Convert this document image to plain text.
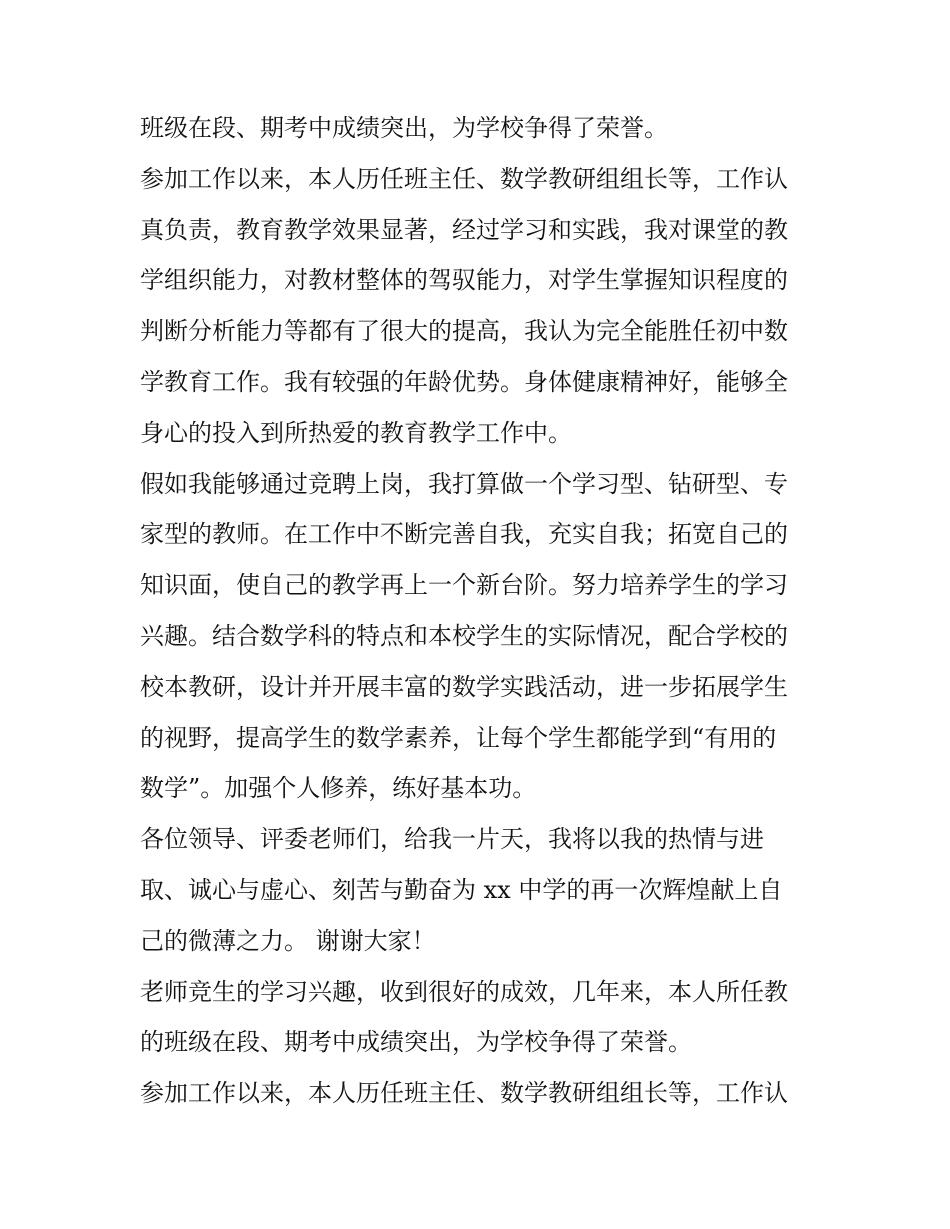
班级在段、期考中成绩突出，为学校争得了荣誉。
参加工作以来，本人历任班主任、数学教研组组长等，工作认
真负责，教育教学效果显著，经过学习和实践，我对课堂的教
学组织能力，对教材整体的驾驭能力，对学生掌握知识程度的
判断分析能力等都有了很大的提高，我认为完全能胜任初中数
学教育工作。我有较强的年龄优势。身体健康精神好，能够全
身心的投入到所热爱的教育教学工作中。
假如我能够通过竞聘上岗，我打算做一个学习型、钻研型、专
家型的教师。在工作中不断完善自我，充实自我；拓宽自己的
知识面，使自己的教学再上一个新台阶。努力培养学生的学习
兴趣。结合数学科的特点和本校学生的实际情况，配合学校的
校本教研，设计并开展丰富的数学实践活动，进一步拓展学生
的视野，提高学生的数学素养，让每个学生都能学到“有用的
数学”。加强个人修养，练好基本功。
各位领导、评委老师们，给我一片天，我将以我的热情与进
取、诚心与虚心、刻苦与勤奋为 xx 中学的再一次辉煌献上自
己的微薄之力。 谢谢大家！
老师竞生的学习兴趣，收到很好的成效，几年来，本人所任教
的班级在段、期考中成绩突出，为学校争得了荣誉。
参加工作以来，本人历任班主任、数学教研组组长等，工作认
